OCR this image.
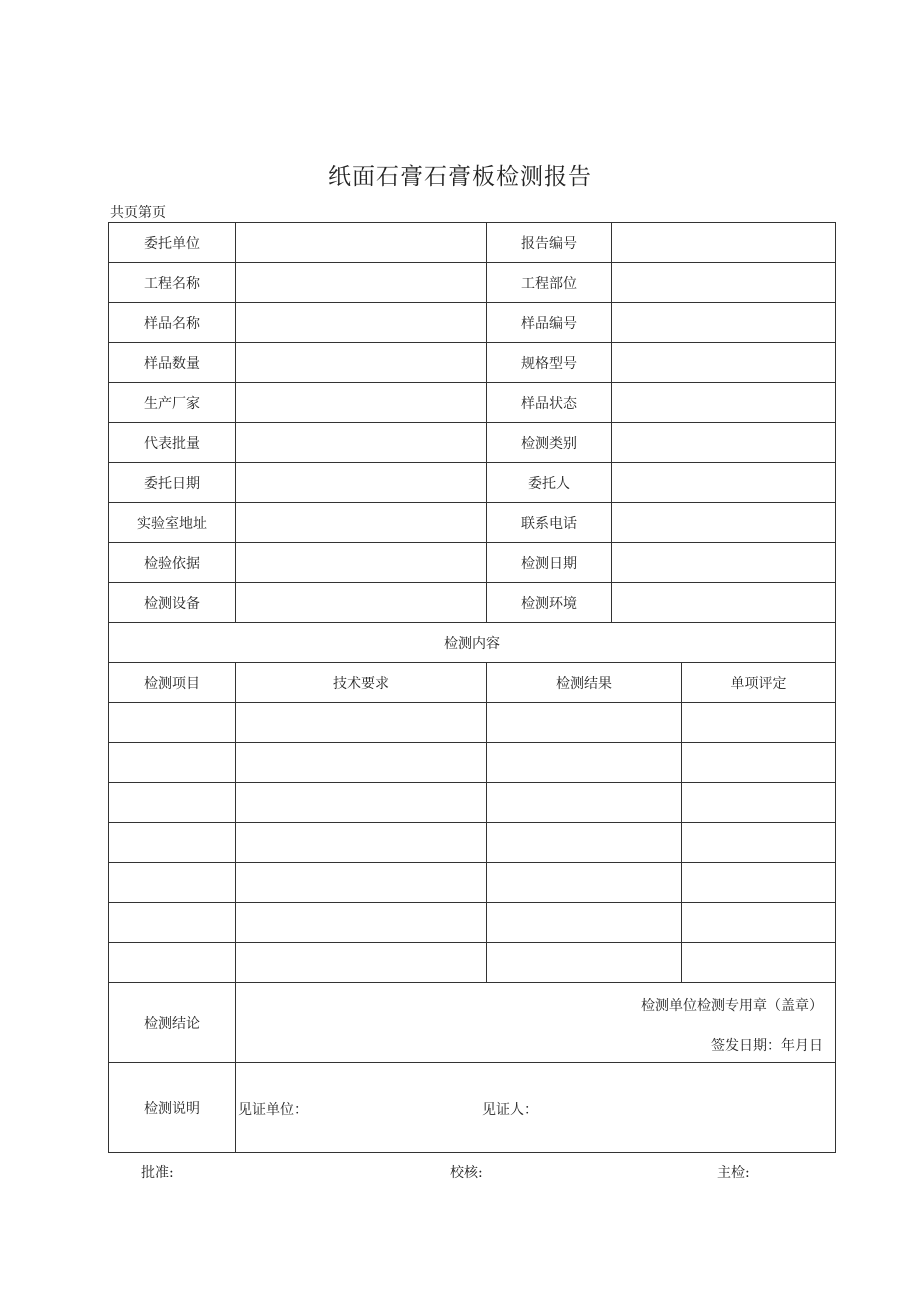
纸面石膏石膏板检测报告
共页第页
委托单位		报告编号		
工程名称		工程部位		
样品名称		样品编号		
样品数量		规格型号		
生产厂家		样品状态		
代表批量		检测类别		
委托日期		委托人		
实验室地址		联系电话		
检验依据		检测日期		
检测设备		检测环境		
检测内容				
检测项目	技术要求	检测结果		单项评定

检测结论	检测单位检测专用章（盖章）
签发日期：年月日			

检测说明	见证单位： 见证人：			
批准:	校核:	主检:
